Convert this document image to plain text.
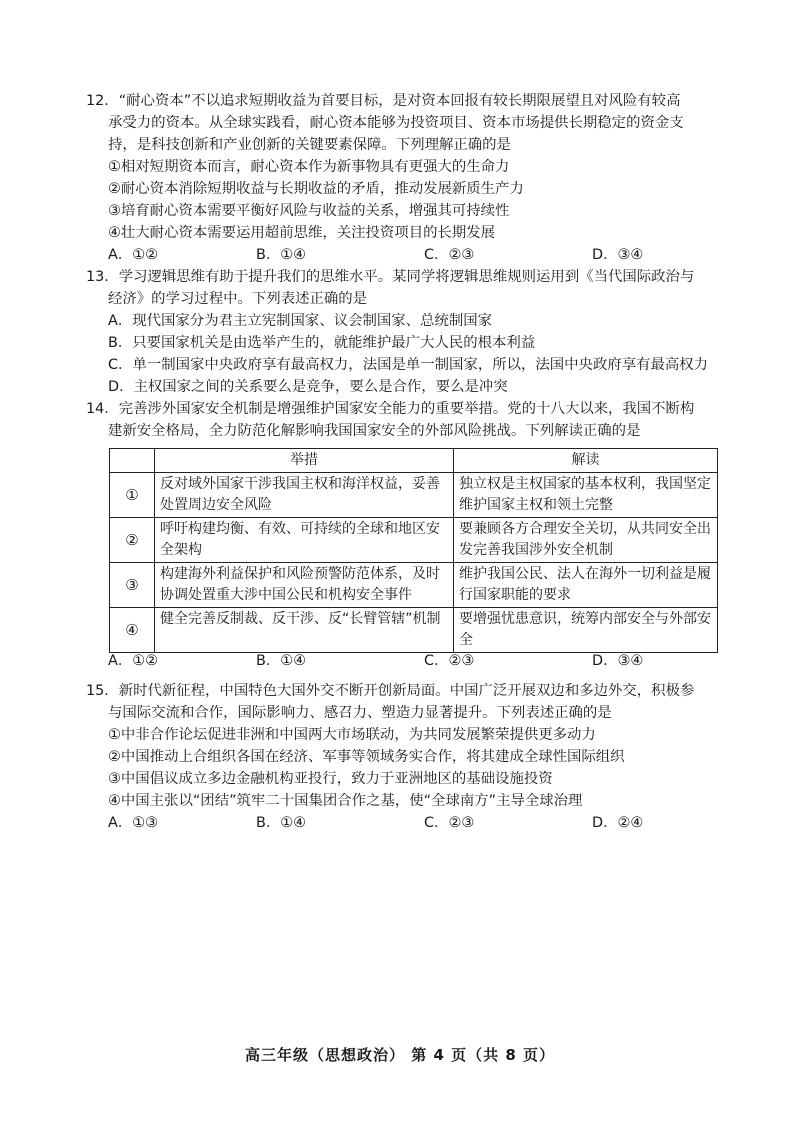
12．“耐心资本”不以追求短期收益为首要目标，是对资本回报有较长期限展望且对风险有较高
承受力的资本。从全球实践看，耐心资本能够为投资项目、资本市场提供长期稳定的资金支
持，是科技创新和产业创新的关键要素保障。下列理解正确的是
①相对短期资本而言，耐心资本作为新事物具有更强大的生命力
②耐心资本消除短期收益与长期收益的矛盾，推动发展新质生产力
③培育耐心资本需要平衡好风险与收益的关系，增强其可持续性
④壮大耐心资本需要运用超前思维，关注投资项目的长期发展
A．①②	B．①④	C．②③	D．③④
13．学习逻辑思维有助于提升我们的思维水平。某同学将逻辑思维规则运用到《当代国际政治与
经济》的学习过程中。下列表述正确的是
A．现代国家分为君主立宪制国家、议会制国家、总统制国家
B．只要国家机关是由选举产生的，就能维护最广大人民的根本利益
C．单一制国家中央政府享有最高权力，法国是单一制国家，所以，法国中央政府享有最高权力
D．主权国家之间的关系要么是竞争，要么是合作，要么是冲突
14．完善涉外国家安全机制是增强维护国家安全能力的重要举措。党的十八大以来，我国不断构
建新安全格局，全力防范化解影响我国国家安全的外部风险挑战。下列解读正确的是
	举措	解读
①	反对域外国家干涉我国主权和海洋权益，妥善处置周边安全风险	独立权是主权国家的基本权利，我国坚定维护国家主权和领土完整
②	呼吁构建均衡、有效、可持续的全球和地区安全架构	要兼顾各方合理安全关切，从共同安全出发完善我国涉外安全机制
③	构建海外利益保护和风险预警防范体系，及时协调处置重大涉中国公民和机构安全事件	维护我国公民、法人在海外一切利益是履行国家职能的要求
④	健全完善反制裁、反干涉、反“长臂管辖”机制	要增强忧患意识，统筹内部安全与外部安全
A．①②	B．①④	C．②③	D．③④
15．新时代新征程，中国特色大国外交不断开创新局面。中国广泛开展双边和多边外交，积极参
与国际交流和合作，国际影响力、感召力、塑造力显著提升。下列表述正确的是
①中非合作论坛促进非洲和中国两大市场联动，为共同发展繁荣提供更多动力
②中国推动上合组织各国在经济、军事等领域务实合作，将其建成全球性国际组织
③中国倡议成立多边金融机构亚投行，致力于亚洲地区的基础设施投资
④中国主张以“团结”筑牢二十国集团合作之基，使“全球南方”主导全球治理
A．①③	B．①④	C．②③	D．②④
高三年级（思想政治） 第 4 页（共 8 页）
